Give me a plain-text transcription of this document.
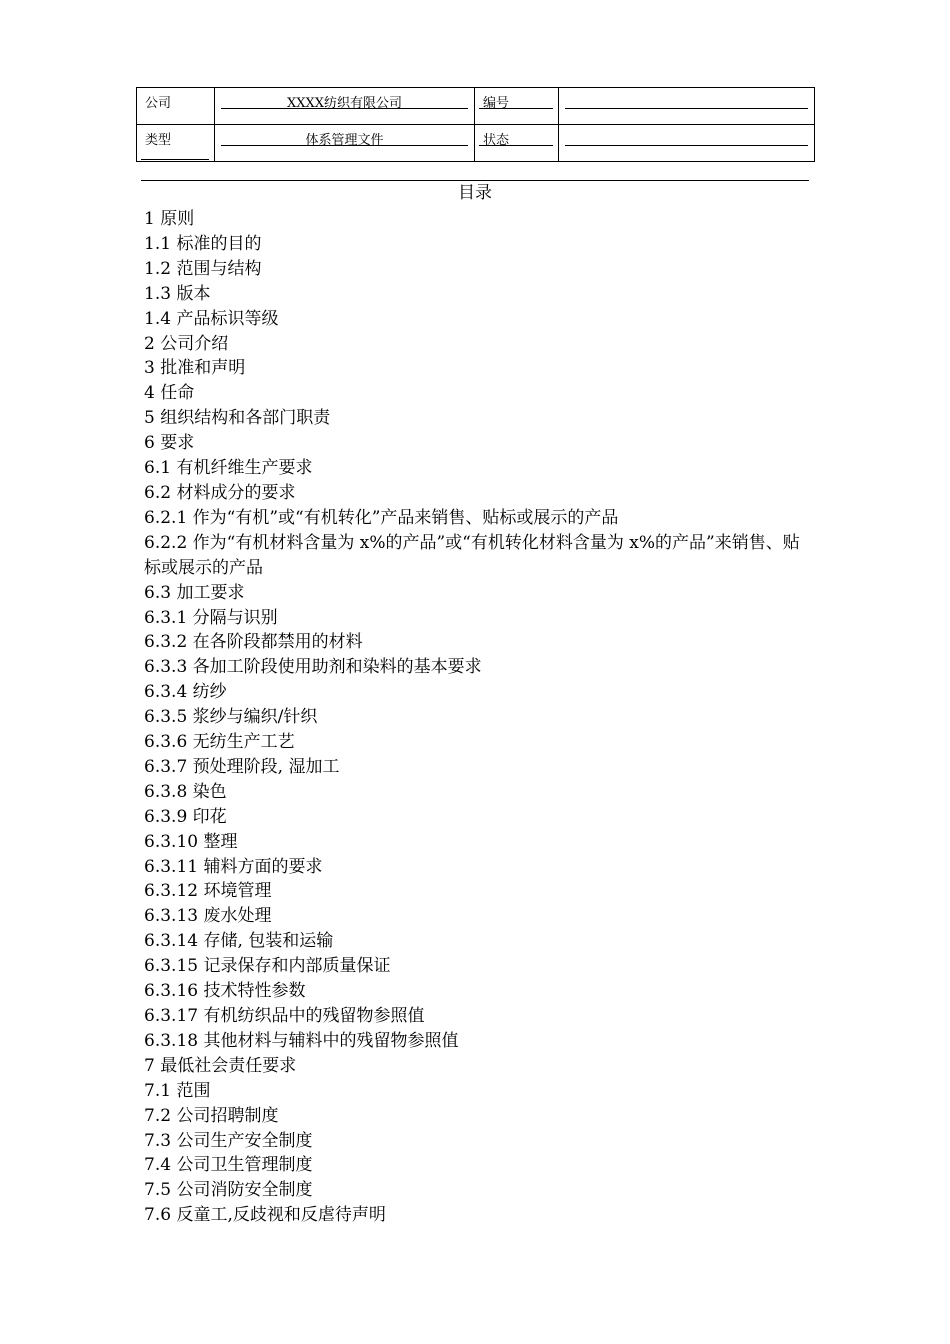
公司	XXXX纺织有限公司	编号	

类型	体系管理文件	状态	

目录
1 原则
1.1 标准的目的
1.2 范围与结构
1.3 版本
1.4 产品标识等级
2 公司介绍
3 批准和声明
4 任命
5 组织结构和各部门职责
6 要求
6.1 有机纤维生产要求
6.2 材料成分的要求
6.2.1 作为“有机”或“有机转化”产品来销售、贴标或展示的产品
6.2.2 作为“有机材料含量为 x%的产品”或“有机转化材料含量为 x%的产品”来销售、贴标或展示的产品
6.3 加工要求
6.3.1 分隔与识别
6.3.2 在各阶段都禁用的材料
6.3.3 各加工阶段使用助剂和染料的基本要求
6.3.4 纺纱
6.3.5 浆纱与编织/针织
6.3.6 无纺生产工艺
6.3.7 预处理阶段, 湿加工
6.3.8 染色
6.3.9 印花
6.3.10 整理
6.3.11 辅料方面的要求
6.3.12 环境管理
6.3.13 废水处理
6.3.14 存储, 包装和运输
6.3.15 记录保存和内部质量保证
6.3.16 技术特性参数
6.3.17 有机纺织品中的残留物参照值
6.3.18 其他材料与辅料中的残留物参照值
7 最低社会责任要求
7.1 范围
7.2 公司招聘制度
7.3 公司生产安全制度
7.4 公司卫生管理制度
7.5 公司消防安全制度
7.6 反童工,反歧视和反虐待声明
